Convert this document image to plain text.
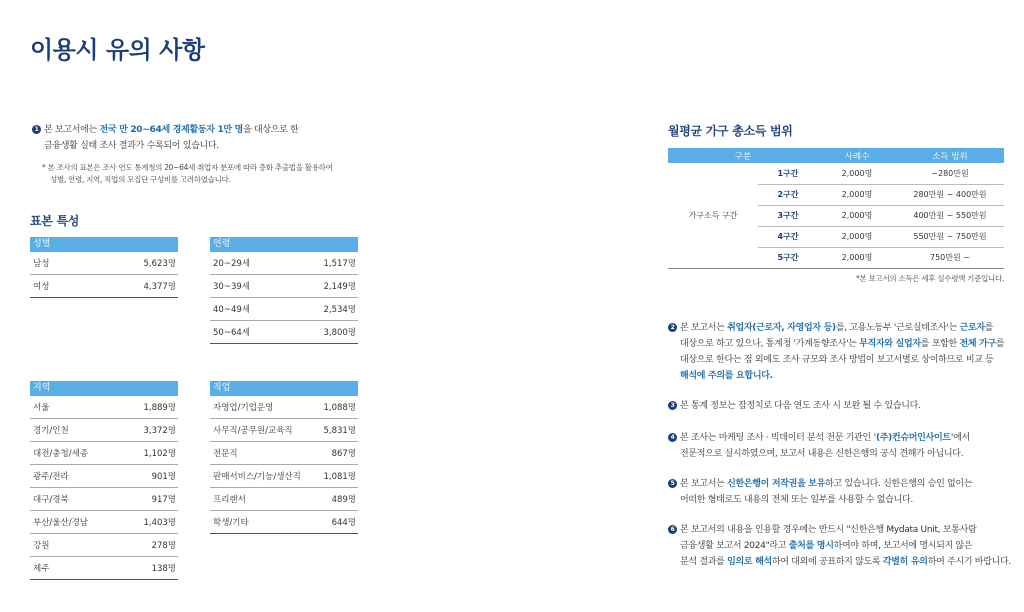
이용시 유의 사항
1 본 보고서에는 전국 만 20~64세 경제활동자 1만 명을 대상으로 한
금융생활 실태 조사 결과가 수록되어 있습니다.
* 본 조사의 표본은 조사 연도 통계청의 20~64세 취업자 분포에 따라 층화 추출법을 활용하여
성별, 연령, 지역, 직업의 모집단 구성비를 고려하였습니다.
표본 특성
성별
남성	5,623명
여성	4,377명
연령
20~29세	1,517명
30~39세	2,149명
40~49세	2,534명
50~64세	3,800명
지역
서울	1,889명
경기/인천	3,372명
대전/충청/세종	1,102명
광주/전라	901명
대구/경북	917명
부산/울산/경남	1,403명
강원	278명
제주	138명
직업
자영업/기업운영	1,088명
사무직/공무원/교육직	5,831명
전문직	867명
판매서비스/기능/생산직	1,081명
프리랜서	489명
학생/기타	644명
월평균 가구 총소득 범위
구분		사례수	소득 범위
가구소득 구간	1구간	2,000명	~280만원
	2구간	2,000명	280만원 ~ 400만원
	3구간	2,000명	400만원 ~ 550만원
	4구간	2,000명	550만원 ~ 750만원
	5구간	2,000명	750만원 ~
*본 보고서의 소득은 세후 실수령액 기준입니다.
2 본 보고서는 취업자(근로자, 자영업자 등)를, 고용노동부 '근로실태조사'는 근로자를
대상으로 하고 있으나, 통계청 '가계동향조사'는 무직자와 실업자를 포함한 전체 가구를
대상으로 한다는 점 외에도 조사 규모와 조사 방법이 보고서별로 상이하므로 비교 등
해석에 주의를 요합니다.
3 본 통계 정보는 잠정치로 다음 연도 조사 시 보완 될 수 있습니다.
4 본 조사는 마케팅 조사 · 빅데이터 분석 전문 기관인 '(주)컨슈머인사이트'에서
전문적으로 실시하였으며, 보고서 내용은 신한은행의 공식 견해가 아닙니다.
5 본 보고서는 신한은행이 저작권을 보유하고 있습니다. 신한은행의 승인 없이는
어떠한 형태로도 내용의 전체 또는 일부를 사용할 수 없습니다.
6 본 보고서의 내용을 인용할 경우에는 반드시 "신한은행 Mydata Unit, 보통사람
금융생활 보고서 2024"라고 출처를 명시하여야 하며, 보고서에 명시되지 않은
분석 결과를 임의로 해석하여 대외에 공표하지 않도록 각별히 유의하여 주시기 바랍니다.
